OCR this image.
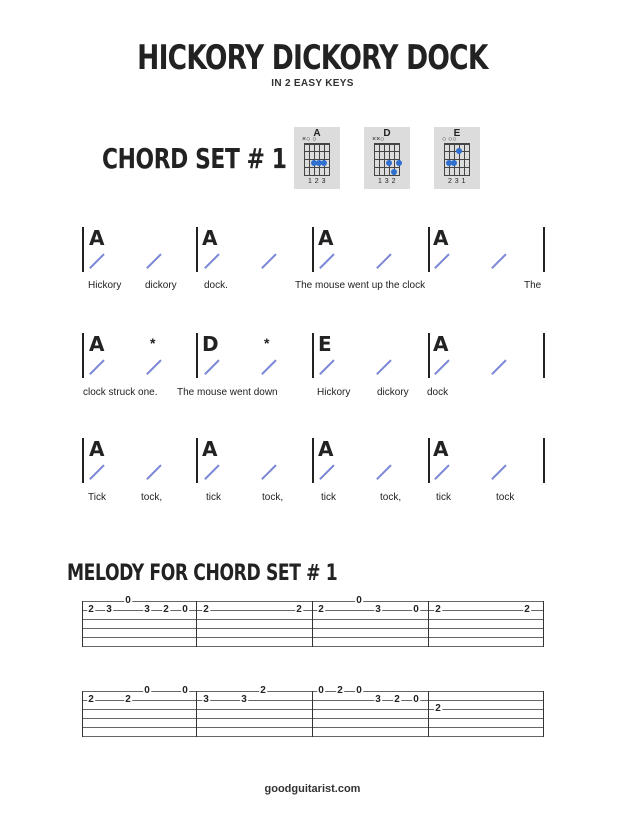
HICKORY DICKORY DOCK
IN 2 EASY KEYS
CHORD SET # 1
A
×○ ○
1 2 3
D
××○
1 3 2
E
○ ○○
2 3 1
A	A	A	A
Hickory dickory	dock.	The mouse went up the clock	The
A	* D	* E	A
clock struck one. The mouse went down	Hickory	dickory dock
A	A	A	A
Tick	tock,	tick	tock,	tick	tock,	tick	tock
MELODY FOR CHORD SET # 1
2 3
0
3 2 0 2	2 2
0
3	0 2	2
2	2
0	0
3	3
2	0 2 0
3 2 0
2
goodguitarist.com
